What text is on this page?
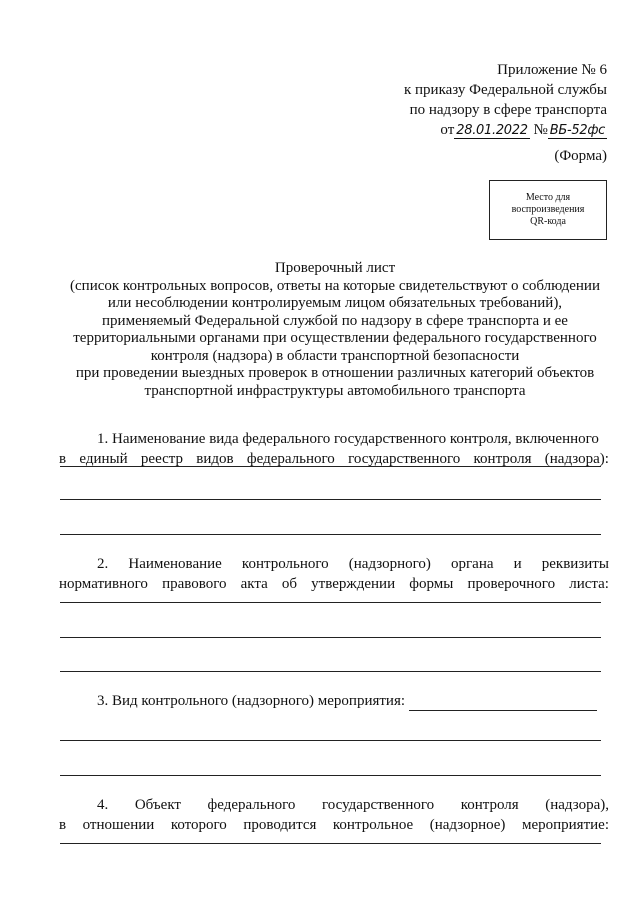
Приложение № 6
к приказу Федеральной службы
по надзору в сфере транспорта
от 28.01.2022 № ВБ-52фс
(Форма)
Место для
воспроизведения
QR-кода
Проверочный лист
(список контрольных вопросов, ответы на которые свидетельствуют о соблюдении
или несоблюдении контролируемым лицом обязательных требований),
применяемый Федеральной службой по надзору в сфере транспорта и ее
территориальными органами при осуществлении федерального государственного
контроля (надзора) в области транспортной безопасности
при проведении выездных проверок в отношении различных категорий объектов
транспортной инфраструктуры автомобильного транспорта
1. Наименование вида федерального государственного контроля, включенного
в единый реестр видов федерального государственного контроля (надзора):
2. Наименование контрольного (надзорного) органа и реквизиты
нормативного правового акта об утверждении формы проверочного листа:
3. Вид контрольного (надзорного) мероприятия:
4. Объект федерального государственного контроля (надзора),
в отношении которого проводится контрольное (надзорное) мероприятие:
